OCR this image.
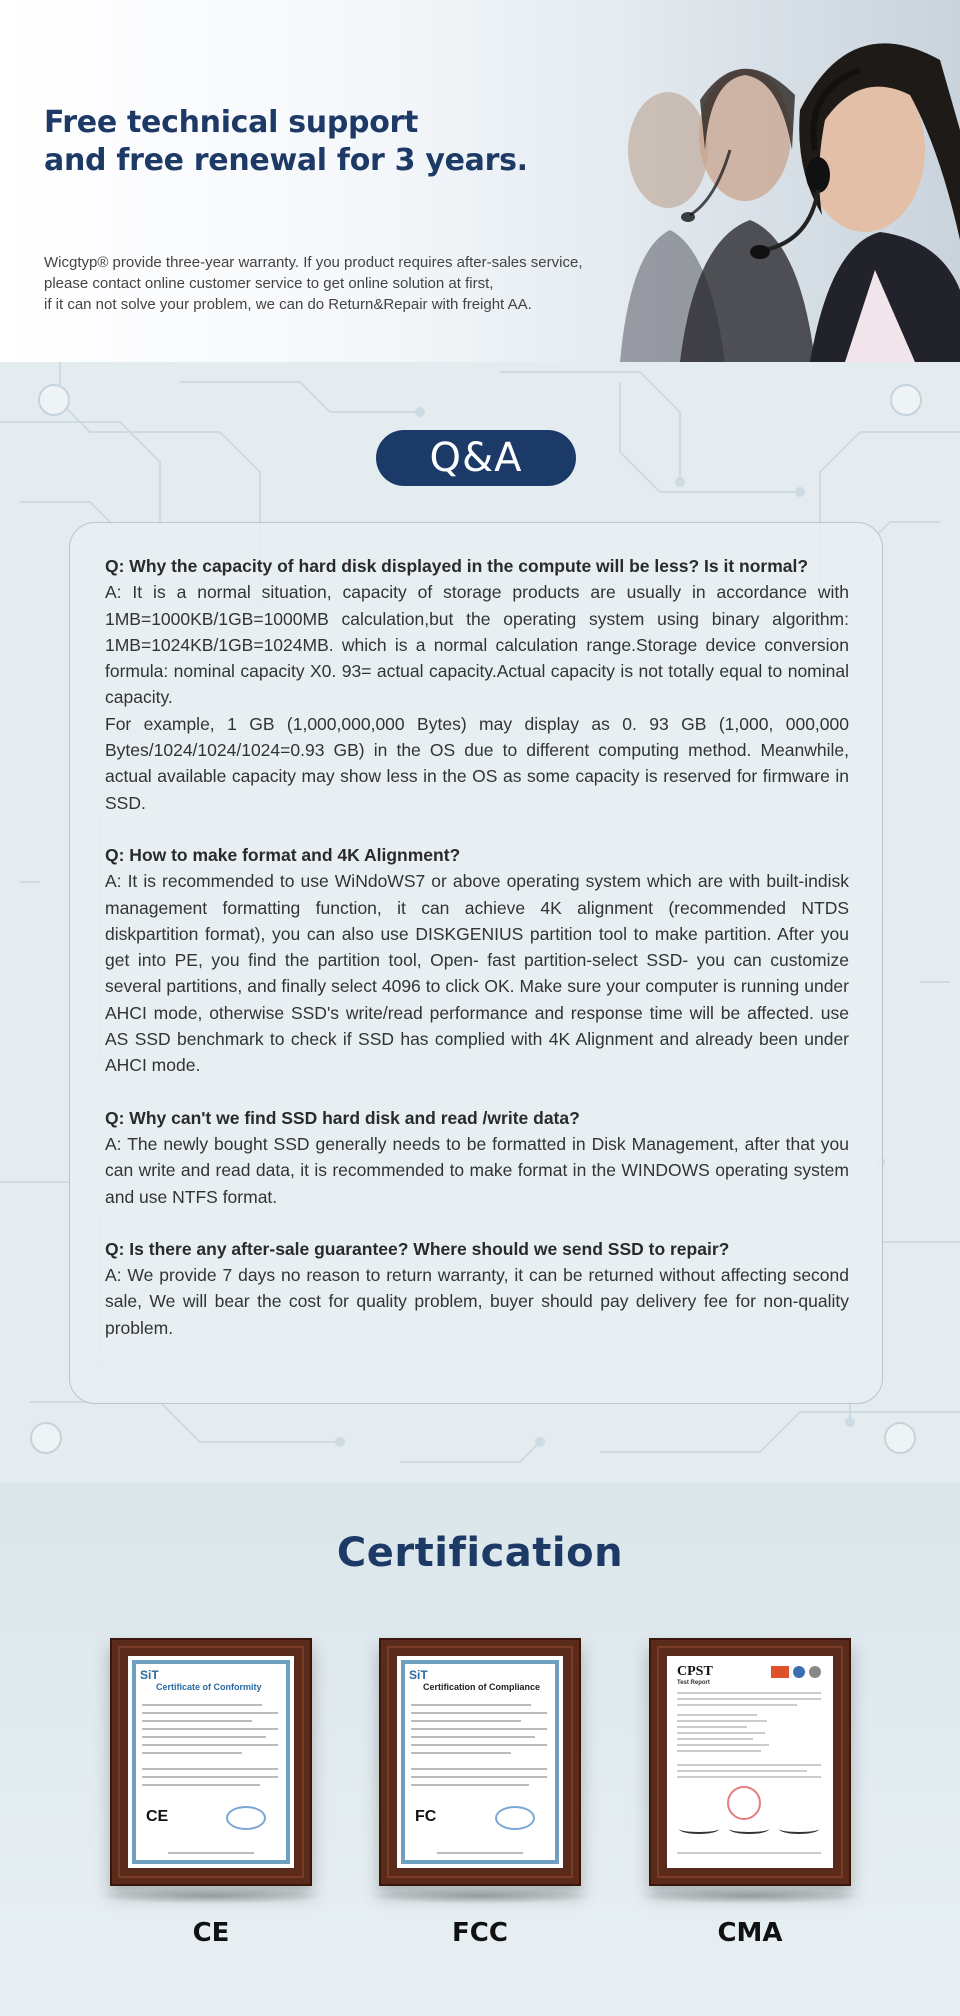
Free technical support
and free renewal for 3 years.
Wicgtyp® provide three-year warranty. If you product requires after-sales service,
please contact online customer service to get online solution at first,
if it can not solve your problem, we can do Return&Repair with freight AA.
Q&A
Q: Why the capacity of hard disk displayed in the compute will be less? Is it normal?
A: It is a normal situation, capacity of storage products are usually in accordance with 1MB=1000KB/1GB=1000MB calculation,but the operating system using binary algorithm: 1MB=1024KB/1GB=1024MB. which is a normal calculation range.Storage device conversion formula: nominal capacity X0. 93= actual capacity.Actual capacity is not totally equal to nominal capacity.
For example, 1 GB (1,000,000,000 Bytes) may display as 0. 93 GB (1,000, 000,000 Bytes/1024/1024/1024=0.93 GB) in the OS due to different computing method. Meanwhile, actual available capacity may show less in the OS as some capacity is reserved for firmware in SSD.
Q: How to make format and 4K Alignment?
A: It is recommended to use WiNdoWS7 or above operating system which are with built-indisk management formatting function, it can achieve 4K alignment (recommended NTDS diskpartition format), you can also use DISKGENIUS partition tool to make partition. After you get into PE, you find the partition tool, Open- fast partition-select SSD- you can customize several partitions, and finally select 4096 to click OK. Make sure your computer is running under AHCI mode, otherwise SSD's write/read performance and response time will be affected. use AS SSD benchmark to check if SSD has complied with 4K Alignment and already been under AHCI mode.
Q: Why can't we find SSD hard disk and read /write data?
A: The newly bought SSD generally needs to be formatted in Disk Management, after that you can write and read data, it is recommended to make format in the WINDOWS operating system and use NTFS format.
Q: Is there any after-sale guarantee? Where should we send SSD to repair?
A: We provide 7 days no reason to return warranty, it can be returned without affecting second sale, We will bear the cost for quality problem, buyer should pay delivery fee for non-quality problem.
Certification
SiT
Certificate of Conformity
CE
CE
SiT
Certification of Compliance
FC
FCC
CPST
Test Report
CMA
